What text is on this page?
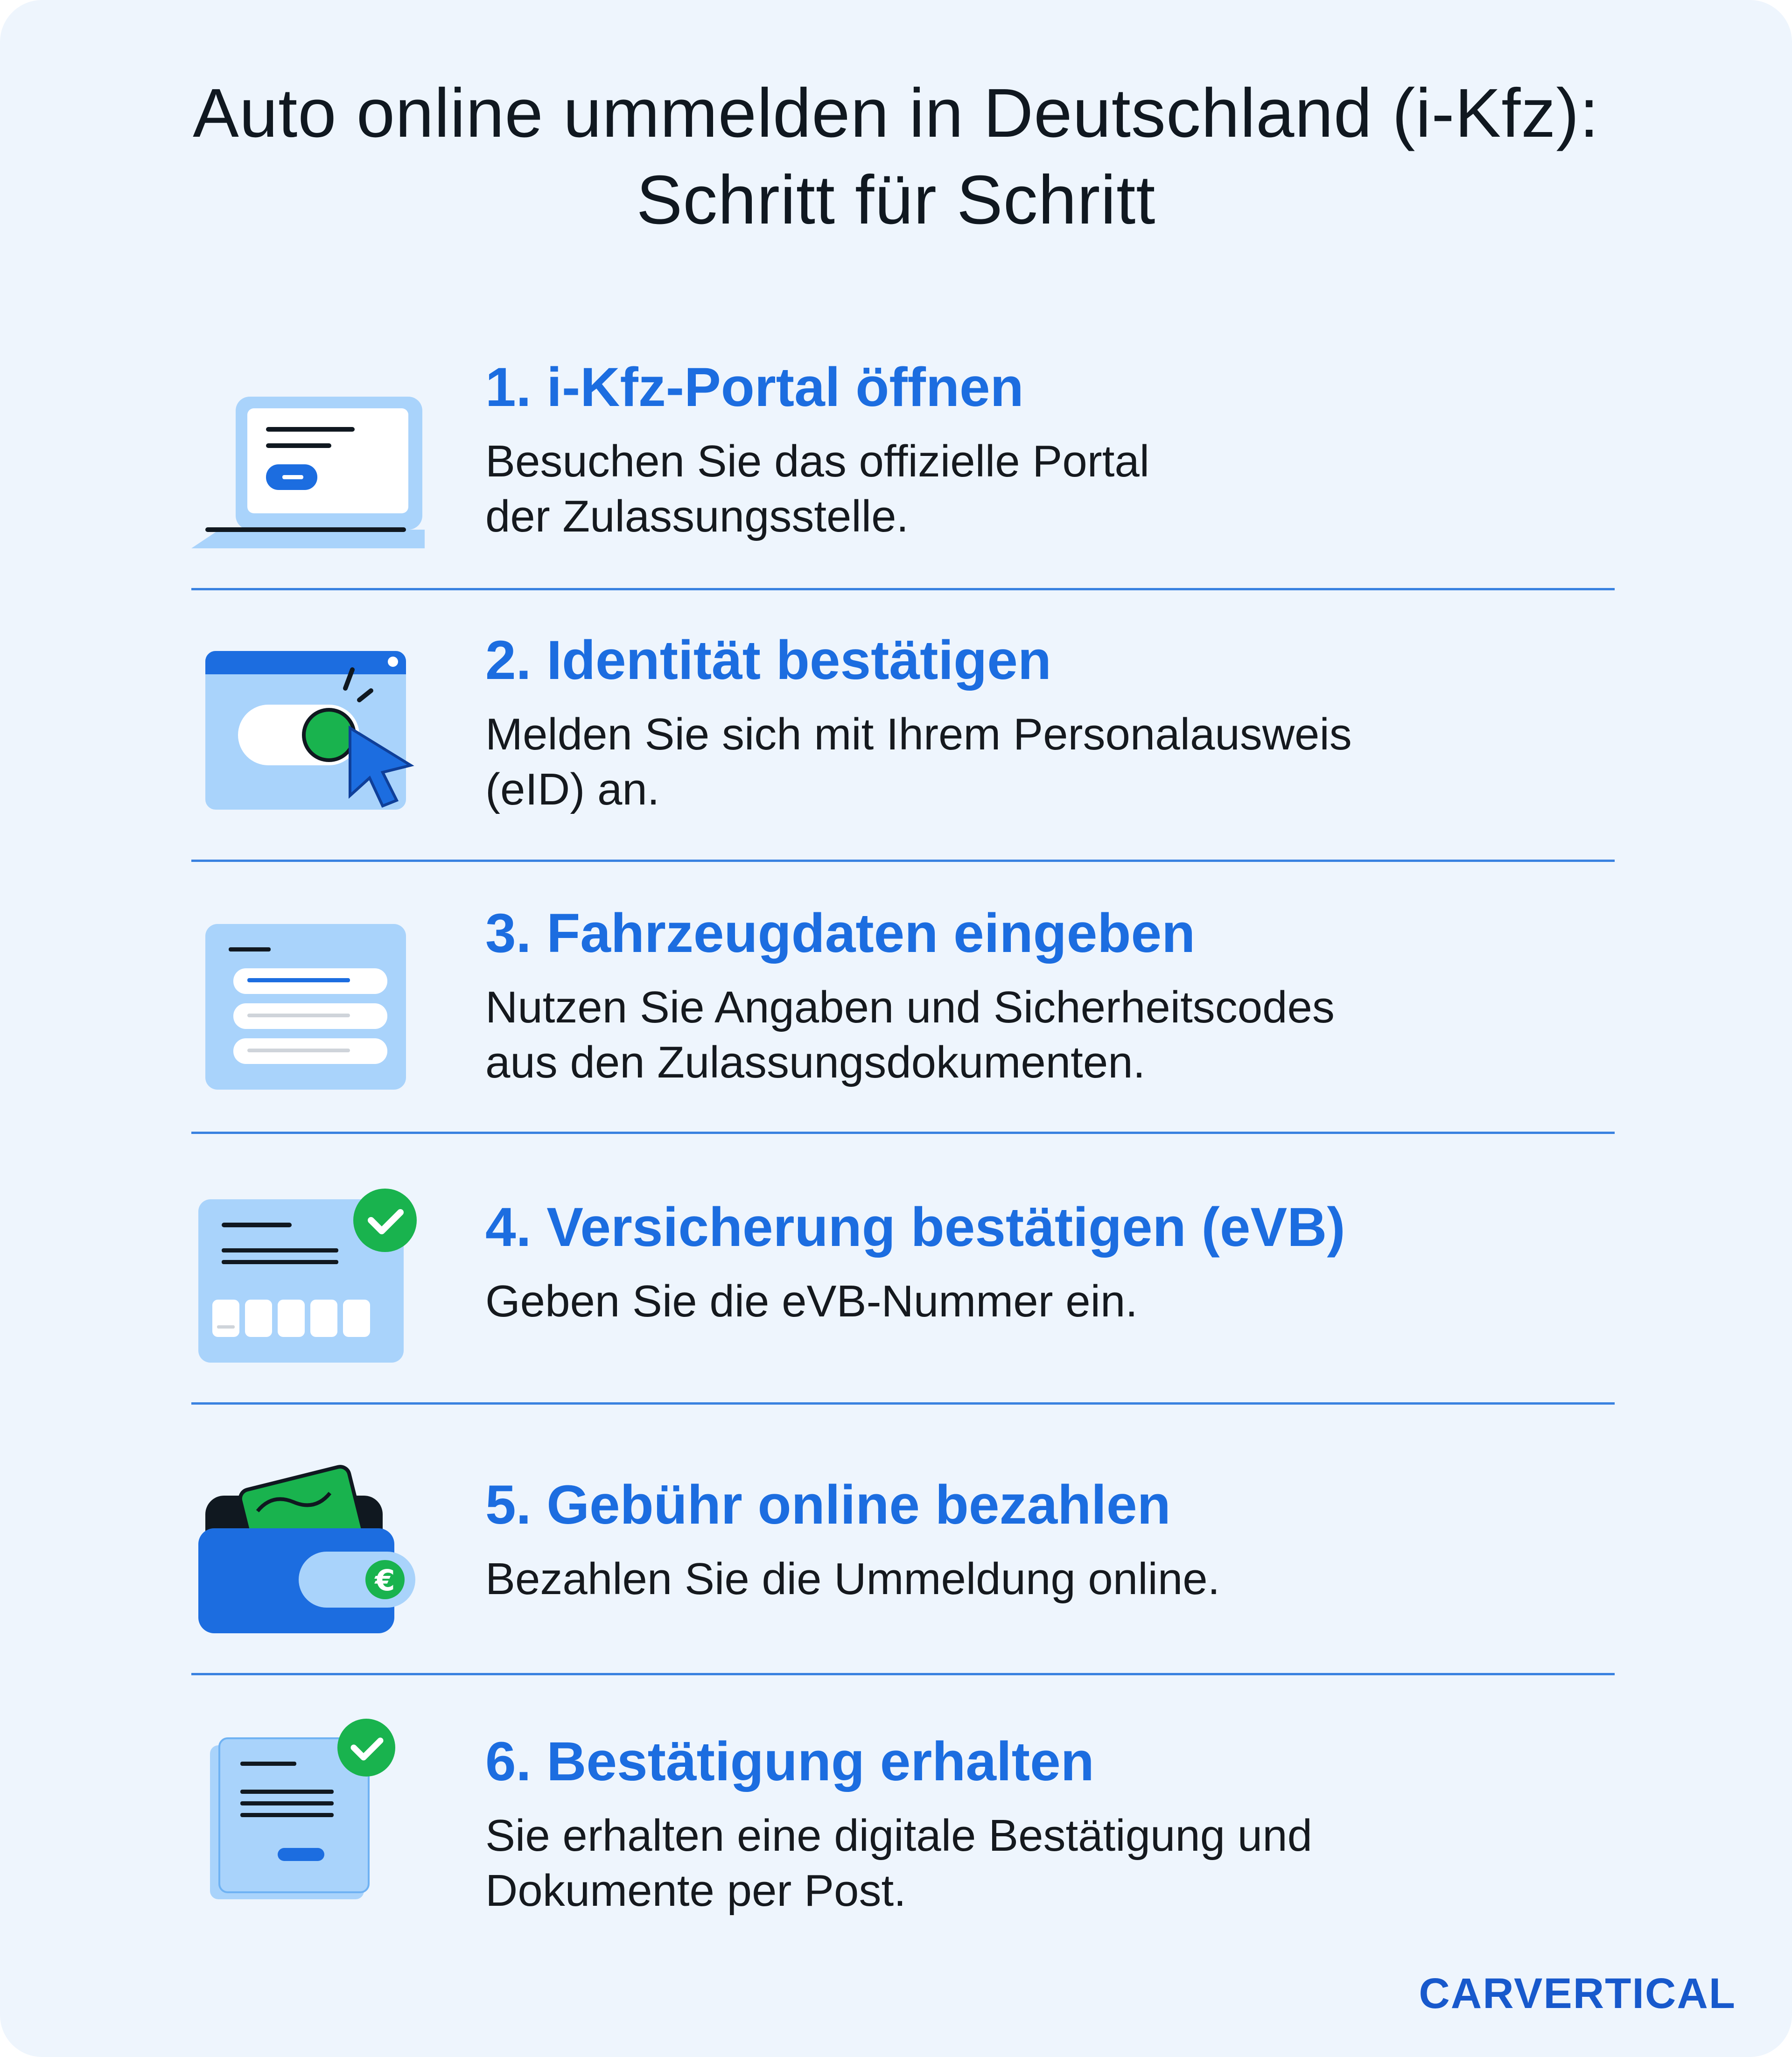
Auto online ummelden in Deutschland (i-Kfz):
Schritt für Schritt
1. i-Kfz-Portal öffnen
Besuchen Sie das offizielle Portal
der Zulassungsstelle.
2. Identität bestätigen
Melden Sie sich mit Ihrem Personalausweis
(eID) an.
3. Fahrzeugdaten eingeben
Nutzen Sie Angaben und Sicherheitscodes
aus den Zulassungsdokumenten.
4. Versicherung bestätigen (eVB)
Geben Sie die eVB-Nummer ein.
€
5. Gebühr online bezahlen
Bezahlen Sie die Ummeldung online.
6. Bestätigung erhalten
Sie erhalten eine digitale Bestätigung und
Dokumente per Post.
CARVERTICAL
